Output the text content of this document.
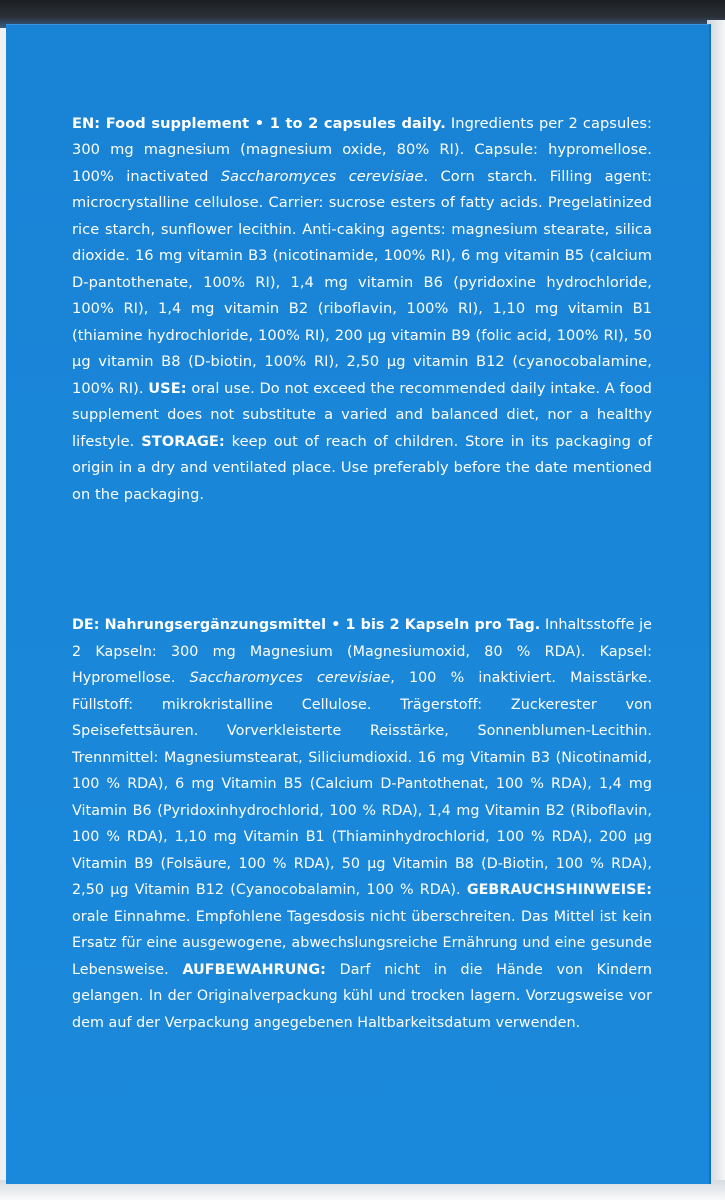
EN: Food supplement • 1 to 2 capsules daily. Ingredients per 2 capsules: 300 mg magnesium (magnesium oxide, 80% RI). Capsule: hypromellose. 100% inactivated Saccharomyces cerevisiae. Corn starch. Filling agent: microcrystalline cellulose. Carrier: sucrose esters of fatty acids. Pregelatinized rice starch, sunflower lecithin. Anti-caking agents: magnesium stearate, silica dioxide. 16 mg vitamin B3 (nicotinamide, 100% RI), 6 mg vitamin B5 (calcium D-pantothenate, 100% RI), 1,4 mg vitamin B6 (pyridoxine hydrochloride, 100% RI), 1,4 mg vitamin B2 (riboflavin, 100% RI), 1,10 mg vitamin B1 (thiamine hydrochloride, 100% RI), 200 µg vitamin B9 (folic acid, 100% RI), 50 µg vitamin B8 (D-biotin, 100% RI), 2,50 µg vitamin B12 (cyanocobalamine, 100% RI). USE: oral use. Do not exceed the recommended daily intake. A food supplement does not substitute a varied and balanced diet, nor a healthy lifestyle. STORAGE: keep out of reach of children. Store in its packaging of origin in a dry and ventilated place. Use preferably before the date mentioned on the packaging.

DE: Nahrungsergänzungsmittel • 1 bis 2 Kapseln pro Tag. Inhaltsstoffe je 2 Kapseln: 300 mg Magnesium (Magnesiumoxid, 80 % RDA). Kapsel: Hypromellose. Saccharomyces cerevisiae, 100 % inaktiviert. Maisstärke. Füllstoff: mikrokristalline Cellulose. Trägerstoff: Zuckerester von Speisefettsäuren. Vorverkleisterte Reisstärke, Sonnenblumen-Lecithin. Trennmittel: Magnesiumstearat, Siliciumdioxid. 16 mg Vitamin B3 (Nicotinamid, 100 % RDA), 6 mg Vitamin B5 (Calcium D-Pantothenat, 100 % RDA), 1,4 mg Vitamin B6 (Pyridoxinhydrochlorid, 100 % RDA), 1,4 mg Vitamin B2 (Riboflavin, 100 % RDA), 1,10 mg Vitamin B1 (Thiaminhydrochlorid, 100 % RDA), 200 µg Vitamin B9 (Folsäure, 100 % RDA), 50 µg Vitamin B8 (D-Biotin, 100 % RDA), 2,50 µg Vitamin B12 (Cyanocobalamin, 100 % RDA). GEBRAUCHSHINWEISE: orale Einnahme. Empfohlene Tagesdosis nicht überschreiten. Das Mittel ist kein Ersatz für eine ausgewogene, abwechslungsreiche Ernährung und eine gesunde Lebensweise. AUFBEWAHRUNG: Darf nicht in die Hände von Kindern gelangen. In der Originalverpackung kühl und trocken lagern. Vorzugsweise vor dem auf der Verpackung angegebenen Haltbarkeitsdatum verwenden.
